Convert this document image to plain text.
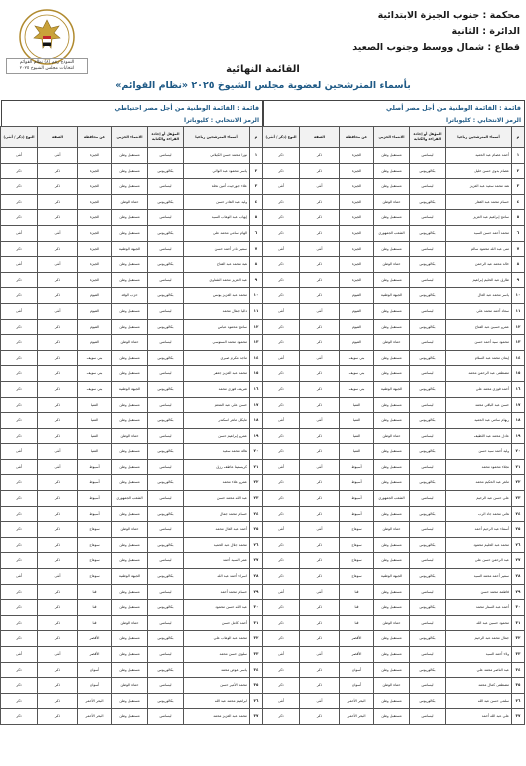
محكمة : جنوب الجيزة الابتدائية
الدائرة : الثانية
قطاع : شمال ووسط وجنوب الصعيد
النموذج رقم (٨) نظام القوائم
انتخابات مجلس الشيوخ ٢٠٢٥	القائمة النهائية
بأسماء المترشحين لعضوية مجلس الشيوخ ٢٠٢٥ «نظام القوائم»
قائمة : القائمة الوطنية من أجل مصر أصلي
الرمز الانتخابي : كليوباترا
م	أسماء المترشحين رباعيا	المؤهل أو إجادة القراءة والكتابة	الانتماء الحزبي	عن محافظة	الصفة	النوع (ذكر / أنثى)
١	أحمد عصام عبد الحميد	ليسانس	مستقبل وطن	الجيزة	ذكر	ذكر
٢	عصام بدوي حسن خليل	بكالوريوس	مستقبل وطن	الجيزة	ذكر	ذكر
٣	هند محمد سعيد عبد العزيز	ليسانس	مستقبل وطن	الجيزة	أنثى	أنثى
٤	حسام محمد عبد الغفار	بكالوريوس	حماة الوطن	الجيزة	ذكر	ذكر
٥	سامح إبراهيم عبد العزيز	ليسانس	مستقبل وطن	الجيزة	ذكر	ذكر
٦	محمد أحمد حسن السيد	بكالوريوس	الشعب الجمهوري	الجيزة	ذكر	ذكر
٧	منى عبد الله محمود سالم	ليسانس	مستقبل وطن	الجيزة	أنثى	أنثى
٨	خالد محمد عبد الرحمن	بكالوريوس	حماة الوطن	الجيزة	ذكر	ذكر
٩	طارق عبد الحليم إبراهيم	ليسانس	مستقبل وطن	الجيزة	ذكر	ذكر
١٠	ياسر محمد عبد العال	بكالوريوس	الجبهة الوطنية	الفيوم	ذكر	ذكر
١١	سعاد أحمد محمد علي	ليسانس	مستقبل وطن	الفيوم	أنثى	أنثى
١٢	عمرو حسين عبد الفتاح	بكالوريوس	مستقبل وطن	الفيوم	ذكر	ذكر
١٣	محمود سيد أحمد حسن	ليسانس	حماة الوطن	الفيوم	ذكر	ذكر
١٤	إيمان محمد عبد السلام	بكالوريوس	مستقبل وطن	بني سويف	أنثى	أنثى
١٥	مصطفى عبد الرحمن محمد	ليسانس	مستقبل وطن	بني سويف	ذكر	ذكر
١٦	أحمد فوزي محمد علي	بكالوريوس	الجبهة الوطنية	بني سويف	ذكر	ذكر
١٧	حسن عبد الباقي محمد	ليسانس	مستقبل وطن	المنيا	ذكر	ذكر
١٨	ريهام سامي عبد الحميد	بكالوريوس	مستقبل وطن	المنيا	أنثى	أنثى
١٩	عادل محمد عبد اللطيف	ليسانس	حماة الوطن	المنيا	ذكر	ذكر
٢٠	وليد أحمد سيد حسن	بكالوريوس	مستقبل وطن	المنيا	ذكر	ذكر
٢١	نجلاء محمود محمد	ليسانس	مستقبل وطن	أسيوط	أنثى	أنثى
٢٢	ماهر عبد الحكيم محمد	بكالوريوس	مستقبل وطن	أسيوط	ذكر	ذكر
٢٣	علي حسن عبد الرحيم	ليسانس	الشعب الجمهوري	أسيوط	ذكر	ذكر
٢٤	هاني محمد جاد الرب	بكالوريوس	مستقبل وطن	أسيوط	ذكر	ذكر
٢٥	أسماء عبد الرحيم أحمد	ليسانس	حماة الوطن	سوهاج	أنثى	أنثى
٢٦	محمد عبد الحليم محمود	بكالوريوس	مستقبل وطن	سوهاج	ذكر	ذكر
٢٧	عبد الرحمن حسن علي	ليسانس	مستقبل وطن	سوهاج	ذكر	ذكر
٢٨	سمير أحمد محمد السيد	بكالوريوس	الجبهة الوطنية	سوهاج	ذكر	ذكر
٢٩	فاطمة محمد حسن	ليسانس	مستقبل وطن	قنا	أنثى	أنثى
٣٠	أحمد عبد الستار محمد	بكالوريوس	مستقبل وطن	قنا	ذكر	ذكر
٣١	محمود حسين عبد الله	ليسانس	حماة الوطن	قنا	ذكر	ذكر
٣٢	جمال محمد عبد الرحيم	بكالوريوس	مستقبل وطن	الأقصر	ذكر	ذكر
٣٣	ولاء أحمد السيد	ليسانس	مستقبل وطن	الأقصر	أنثى	أنثى
٣٤	عبد الناصر محمد علي	بكالوريوس	مستقبل وطن	أسوان	ذكر	ذكر
٣٥	مصطفى كمال محمد	ليسانس	حماة الوطن	أسوان	ذكر	ذكر
٣٦	سلمى حسن عبد الله	بكالوريوس	مستقبل وطن	البحر الأحمر	أنثى	أنثى
٣٧	علي عبد الله أحمد	ليسانس	مستقبل وطن	البحر الأحمر	ذكر	ذكر
قائمة : القائمة الوطنية من أجل مصر احتياطي
الرمز الانتخابي : كليوباترا
م	أسماء المترشحين رباعيا	المؤهل أو إجادة القراءة والكتابة	الانتماء الحزبي	عن محافظة	الصفة	النوع (ذكر / أنثى)
١	نورا محمد حسن الكيلاني	ليسانس	مستقبل وطن	الجيزة	أنثى	أنثى
٢	ياسر محمود عبد الوالي	بكالوريوس	مستقبل وطن	الجيزة	ذكر	ذكر
٣	علاء جورجيت أمين نخلة	ليسانس	مستقبل وطن	الجيزة	ذكر	ذكر
٤	وليد عبد القادر حسن	بكالوريوس	حماة الوطن	الجيزة	ذكر	ذكر
٥	إيهاب عبد الوهاب السيد	ليسانس	مستقبل وطن	الجيزة	ذكر	ذكر
٦	الهام سامي محمد علي	بكالوريوس	مستقبل وطن	الجيزة	أنثى	أنثى
٧	سمير نادر أحمد حسن	ليسانس	الجبهة الوطنية	الجيزة	ذكر	ذكر
٨	هبة محمد عبد الفتاح	بكالوريوس	مستقبل وطن	الجيزة	أنثى	أنثى
٩	عبد العزيز محمد الشناوي	ليسانس	مستقبل وطن	الجيزة	ذكر	ذكر
١٠	محمد عبد العزيز يونس	بكالوريوس	حزب الوفد	الفيوم	ذكر	ذكر
١١	داليا جمال محمد	ليسانس	مستقبل وطن	الفيوم	أنثى	أنثى
١٢	سامح محمود عباس	بكالوريوس	مستقبل وطن	الفيوم	ذكر	ذكر
١٣	محمود محمد السنوسي	ليسانس	حماة الوطن	الفيوم	ذكر	ذكر
١٤	ماجد مكرم صبري	بكالوريوس	مستقبل وطن	بني سويف	ذكر	ذكر
١٥	محمد عبد العزيز جعفر	ليسانس	مستقبل وطن	بني سويف	ذكر	ذكر
١٦	شريف فوزي محمد	بكالوريوس	الجبهة الوطنية	بني سويف	ذكر	ذكر
١٧	حسن علي عبد المنعم	ليسانس	مستقبل وطن	المنيا	ذكر	ذكر
١٨	مايكل ماهر اسكندر	بكالوريوس	مستقبل وطن	المنيا	ذكر	ذكر
١٩	عمرو إبراهيم حسن	ليسانس	حماة الوطن	المنيا	ذكر	ذكر
٢٠	هالة محمد سعيد	بكالوريوس	مستقبل وطن	المنيا	أنثى	أنثى
٢١	كريستينا عاطف رزق	ليسانس	مستقبل وطن	أسيوط	أنثى	أنثى
٢٢	عمرو علاء محمد	بكالوريوس	مستقبل وطن	أسيوط	ذكر	ذكر
٢٣	عبد الله محمد حسن	ليسانس	الشعب الجمهوري	أسيوط	ذكر	ذكر
٢٤	حسام محمد جمال	بكالوريوس	مستقبل وطن	أسيوط	ذكر	ذكر
٢٥	أحمد عبد العال محمد	ليسانس	حماة الوطن	سوهاج	ذكر	ذكر
٢٦	محمد جلال عبد الحميد	بكالوريوس	مستقبل وطن	سوهاج	ذكر	ذكر
٢٧	عمر السيد أحمد	ليسانس	مستقبل وطن	سوهاج	ذكر	ذكر
٢٨	اسراء أحمد عبد الله	بكالوريوس	الجبهة الوطنية	سوهاج	أنثى	أنثى
٢٩	حسام محمد أحمد	ليسانس	مستقبل وطن	قنا	ذكر	ذكر
٣٠	عبد الله حسن محمود	بكالوريوس	مستقبل وطن	قنا	ذكر	ذكر
٣١	أحمد كامل حسن	ليسانس	حماة الوطن	قنا	ذكر	ذكر
٣٢	محمد عبد الوهاب علي	بكالوريوس	مستقبل وطن	الأقصر	ذكر	ذكر
٣٣	سلوى حسن محمد	ليسانس	مستقبل وطن	الأقصر	أنثى	أنثى
٣٤	ياسر عوض محمد	بكالوريوس	مستقبل وطن	أسوان	ذكر	ذكر
٣٥	محمد الأمير حسن	ليسانس	حماة الوطن	أسوان	ذكر	ذكر
٣٦	ابراهيم محمد عبد الله	بكالوريوس	مستقبل وطن	البحر الأحمر	ذكر	ذكر
٣٧	محمد عبد العزيز محمد	ليسانس	مستقبل وطن	البحر الأحمر	ذكر	ذكر
